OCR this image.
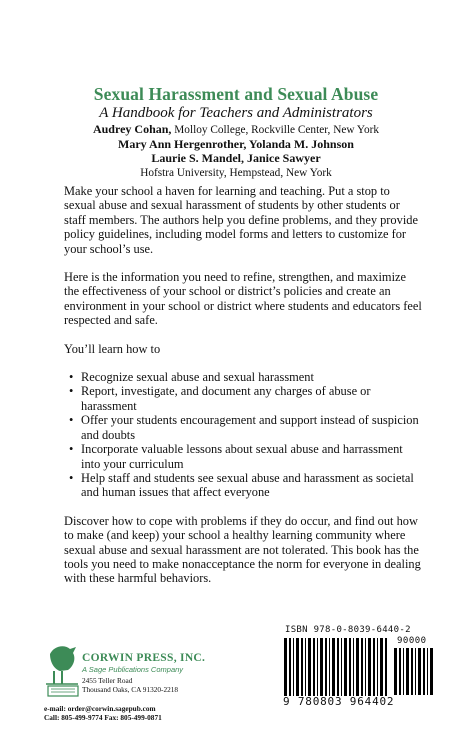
Sexual Harassment and Sexual Abuse

A Handbook for Teachers and Administrators

Audrey Cohan, Molloy College, Rockville Center, New York
Mary Ann Hergenrother, Yolanda M. Johnson
Laurie S. Mandel, Janice Sawyer
Hofstra University, Hempstead, New York

Make your school a haven for learning and teaching. Put a stop to sexual abuse and sexual harassment of students by other students or staff members. The authors help you define problems, and they provide policy guidelines, including model forms and letters to customize for your school’s use.

Here is the information you need to refine, strengthen, and maximize the effectiveness of your school or district’s policies and create an environment in your school or district where students and educators feel respected and safe.

You’ll learn how to

• Recognize sexual abuse and sexual harassment
• Report, investigate, and document any charges of abuse or harassment
• Offer your students encouragement and support instead of suspicion and doubts
• Incorporate valuable lessons about sexual abuse and harrassment into your curriculum
• Help staff and students see sexual abuse and harassment as societal and human issues that affect everyone

Discover how to cope with problems if they do occur, and find out how to make (and keep) your school a healthy learning community where sexual abuse and sexual harassment are not tolerated. This book has the tools you need to make nonacceptance the norm for everyone in dealing with these harmful behaviors.

CORWIN PRESS, INC.
A Sage Publications Company
2455 Teller Road
Thousand Oaks, CA 91320-2218
e-mail: order@corwin.sagepub.com
Call: 805-499-9774 Fax: 805-499-0871
ISBN 978-0-8039-6440-2
90000
9 780803 964402
